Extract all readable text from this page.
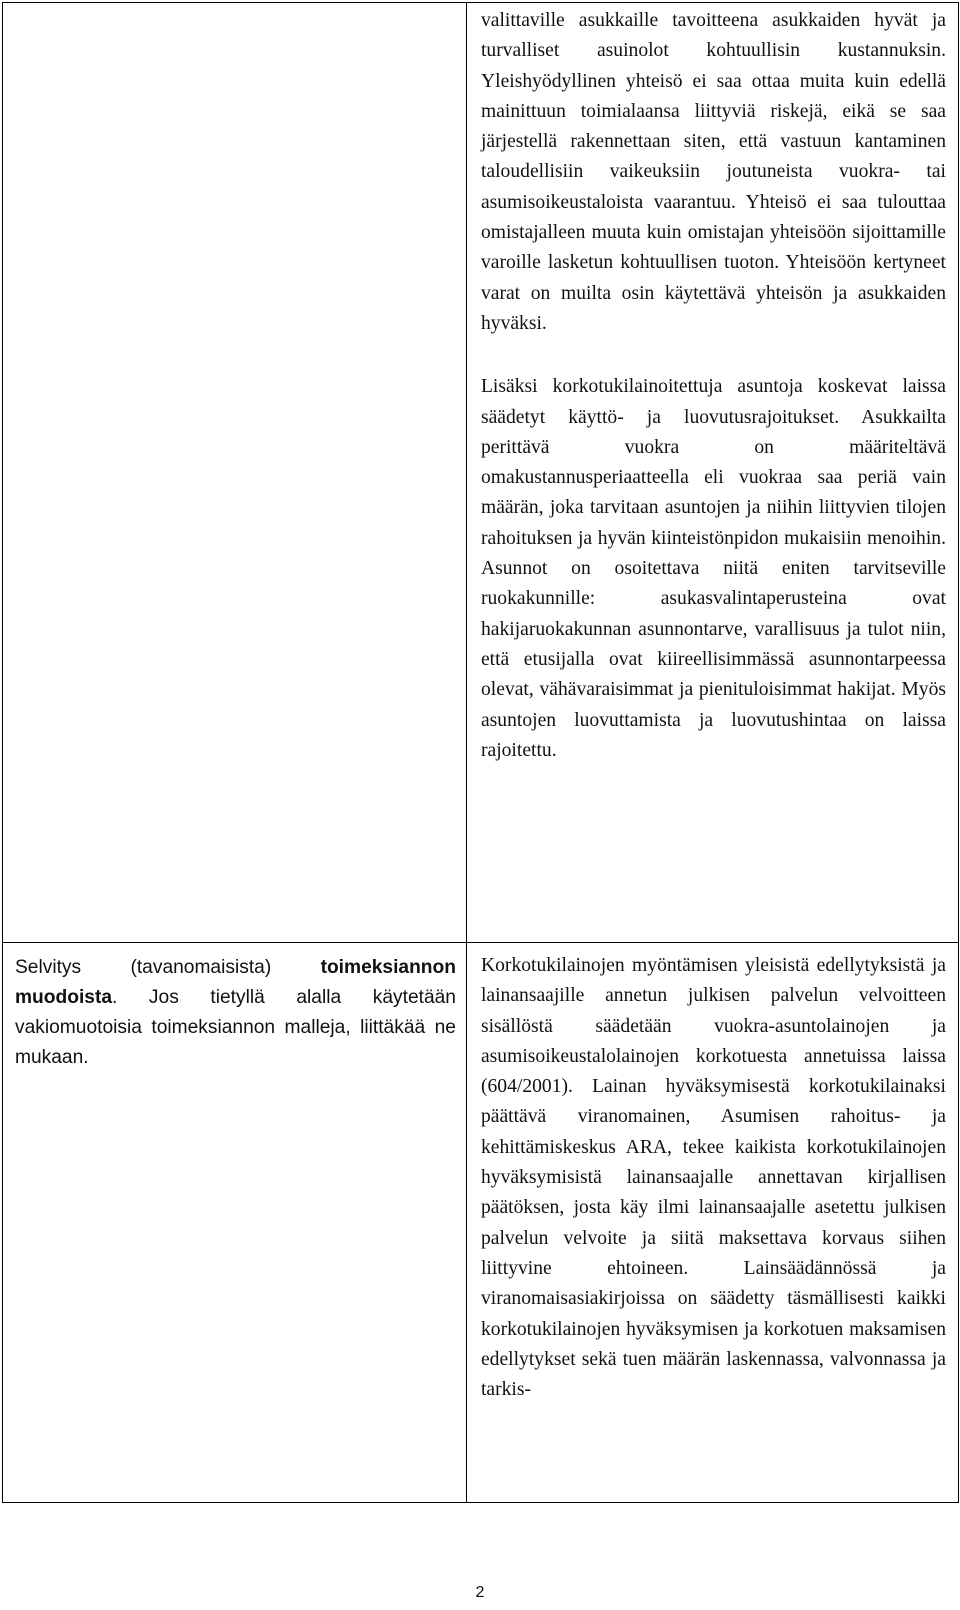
	valittaville asukkaille tavoitteena asukkaiden hyvät ja turvalliset asuinolot kohtuullisin kustannuksin. Yleishyödyllinen yhteisö ei saa ottaa muita kuin edellä mainittuun toimialaansa liittyviä riskejä, eikä se saa järjestellä rakennettaan siten, että vastuun kantaminen taloudellisiin vaikeuksiin joutuneista vuokra- tai asumisoikeustaloista vaarantuu. Yhteisö ei saa tulouttaa omistajalleen muuta kuin omistajan yhteisöön sijoittamille varoille lasketun kohtuullisen tuoton. Yhteisöön kertyneet varat on muilta osin käytettävä yhteisön ja asukkaiden hyväksi.

Lisäksi korkotukilainoitettuja asuntoja koskevat laissa säädetyt käyttö- ja luovutusrajoitukset. Asukkailta perittävä vuokra on määriteltävä omakustannusperiaatteella eli vuokraa saa periä vain määrän, joka tarvitaan asuntojen ja niihin liittyvien tilojen rahoituksen ja hyvän kiinteistönpidon mukaisiin menoihin. Asunnot on osoitettava niitä eniten tarvitseville ruokakunnille: asukasvalintaperusteina ovat hakijaruokakunnan asunnontarve, varallisuus ja tulot niin, että etusijalla ovat kiireellisimmässä asunnontarpeessa olevat, vähävaraisimmat ja pienituloisimmat hakijat. Myös asuntojen luovuttamista ja luovutushintaa on laissa rajoitettu.

Selvitys (tavanomaisista) toimeksiannon muodoista. Jos tietyllä alalla käytetään vakiomuotoisia toimeksiannon malleja, liittäkää ne mukaan.	Korkotukilainojen myöntämisen yleisistä edellytyksistä ja lainansaajille annetun julkisen palvelun velvoitteen sisällöstä säädetään vuokra-asuntolainojen ja asumisoikeustalolainojen korkotuesta annetuissa laissa (604/2001). Lainan hyväksymisestä korkotukilainaksi päättävä viranomainen, Asumisen rahoitus- ja kehittämiskeskus ARA, tekee kaikista korkotukilainojen hyväksymisistä lainansaajalle annettavan kirjallisen päätöksen, josta käy ilmi lainansaajalle asetettu julkisen palvelun velvoite ja siitä maksettava korvaus siihen liittyvine ehtoineen. Lainsäädännössä ja viranomaisasiakirjoissa on säädetty täsmällisesti kaikki korkotukilainojen hyväksymisen ja korkotuen maksamisen edellytykset sekä tuen määrän laskennassa, valvonnassa ja tarkis-

2
